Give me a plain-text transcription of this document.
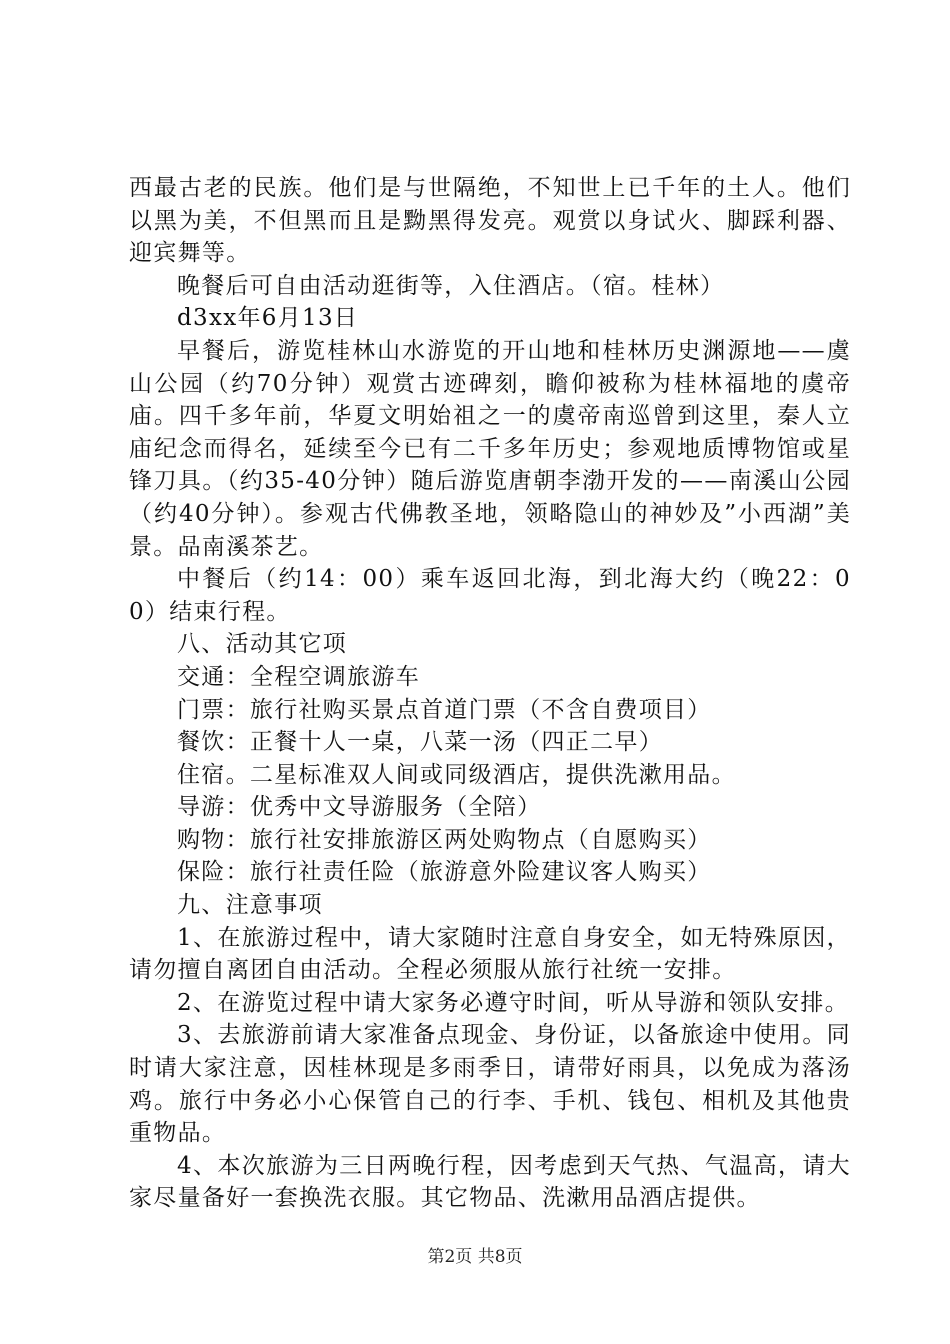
西最古老的民族。他们是与世隔绝，不知世上已千年的土人。他们以黑为美，不但黑而且是黝黑得发亮。观赏以身试火、脚踩利器、迎宾舞等。

晚餐后可自由活动逛街等，入住酒店。（宿。桂林）

d3xx年6月13日

早餐后，游览桂林山水游览的开山地和桂林历史渊源地——虞山公园（约70分钟）观赏古迹碑刻，瞻仰被称为桂林福地的虞帝庙。四千多年前，华夏文明始祖之一的虞帝南巡曾到这里，秦人立庙纪念而得名，延续至今已有二千多年历史；参观地质博物馆或星锋刀具。（约35-40分钟）随后游览唐朝李渤开发的——南溪山公园（约40分钟）。参观古代佛教圣地，领略隐山的神妙及”小西湖”美景。品南溪茶艺。

中餐后（约14：00）乘车返回北海，到北海大约（晚22：00）结束行程。

八、活动其它项

交通：全程空调旅游车

门票：旅行社购买景点首道门票（不含自费项目）

餐饮：正餐十人一桌，八菜一汤（四正二早）

住宿。二星标准双人间或同级酒店，提供洗漱用品。

导游：优秀中文导游服务（全陪）

购物：旅行社安排旅游区两处购物点（自愿购买）

保险：旅行社责任险（旅游意外险建议客人购买）

九、注意事项

1、在旅游过程中，请大家随时注意自身安全，如无特殊原因，请勿擅自离团自由活动。全程必须服从旅行社统一安排。

2、在游览过程中请大家务必遵守时间，听从导游和领队安排。

3、去旅游前请大家准备点现金、身份证，以备旅途中使用。同时请大家注意，因桂林现是多雨季日，请带好雨具，以免成为落汤鸡。旅行中务必小心保管自己的行李、手机、钱包、相机及其他贵重物品。

4、本次旅游为三日两晚行程，因考虑到天气热、气温高，请大家尽量备好一套换洗衣服。其它物品、洗漱用品酒店提供。

第2页 共8页
